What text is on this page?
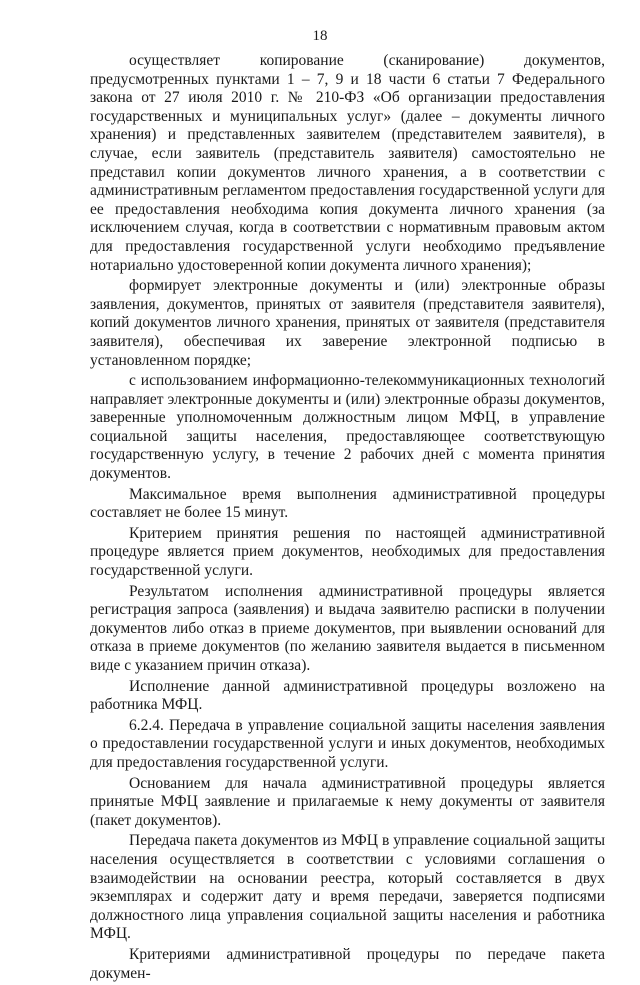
18

осуществляет копирование (сканирование) документов, предусмотренных пунктами 1 – 7, 9 и 18 части 6 статьи 7 Федерального закона от 27 июля 2010 г. № 210-ФЗ «Об организации предоставления государственных и муниципальных услуг» (далее – документы личного хранения) и представленных заявителем (представителем заявителя), в случае, если заявитель (представитель заявителя) самостоятельно не представил копии документов личного хранения, а в соответствии с административным регламентом предоставления государственной услуги для ее предоставления необходима копия документа личного хранения (за исключением случая, когда в соответствии с нормативным правовым актом для предоставления государственной услуги необходимо предъявление нотариально удостоверенной копии документа личного хранения);

формирует электронные документы и (или) электронные образы заявления, документов, принятых от заявителя (представителя заявителя), копий документов личного хранения, принятых от заявителя (представителя заявителя), обеспечивая их заверение электронной подписью в установленном порядке;

с использованием информационно-телекоммуникационных технологий направляет электронные документы и (или) электронные образы документов, заверенные уполномоченным должностным лицом МФЦ, в управление социальной защиты населения, предоставляющее соответствующую государственную услугу, в течение 2 рабочих дней с момента принятия документов.

Максимальное время выполнения административной процедуры составляет не более 15 минут.

Критерием принятия решения по настоящей административной процедуре является прием документов, необходимых для предоставления государственной услуги.

Результатом исполнения административной процедуры является регистрация запроса (заявления) и выдача заявителю расписки в получении документов либо отказ в приеме документов, при выявлении оснований для отказа в приеме документов (по желанию заявителя выдается в письменном виде с указанием причин отказа).

Исполнение данной административной процедуры возложено на работника МФЦ.

6.2.4. Передача в управление социальной защиты населения заявления о предоставлении государственной услуги и иных документов, необходимых для предоставления государственной услуги.

Основанием для начала административной процедуры является принятые МФЦ заявление и прилагаемые к нему документы от заявителя (пакет документов).

Передача пакета документов из МФЦ в управление социальной защиты населения осуществляется в соответствии с условиями соглашения о взаимодействии на основании реестра, который составляется в двух экземплярах и содержит дату и время передачи, заверяется подписями должностного лица управления социальной защиты населения и работника МФЦ.

Критериями административной процедуры по передаче пакета докумен-
